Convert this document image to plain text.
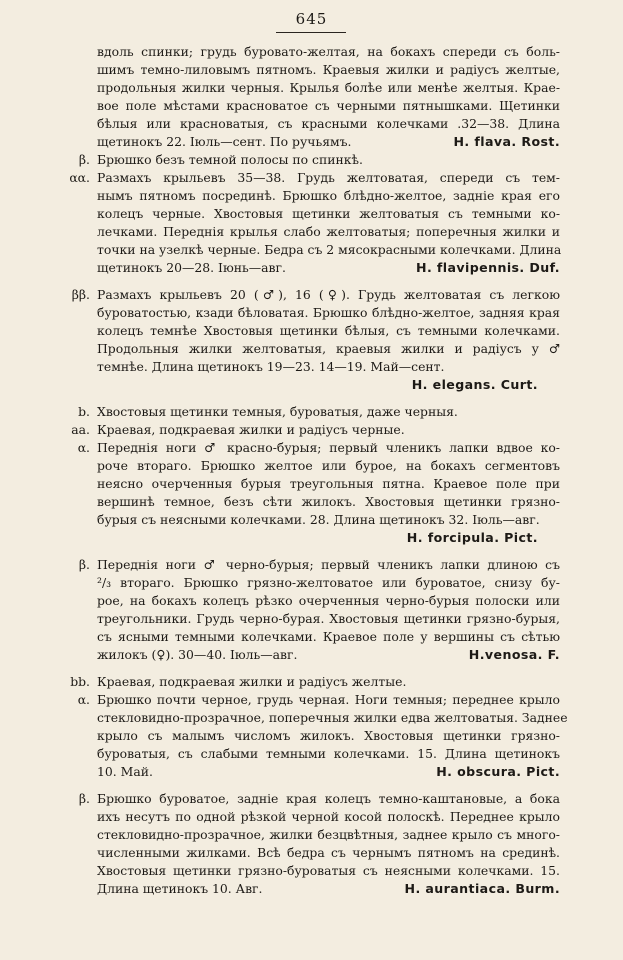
645
вдоль спинки; грудь буровато-желтая, на бокахъ спереди съ боль-
шимъ темно-лиловымъ пятномъ. Краевыя жилки и радіусъ желтые,
продольныя жилки черныя. Крылья болѣе или менѣе желтыя. Крае-
вое поле мѣстами красноватое съ черными пятнышками. Щетинки
бѣлыя или красноватыя, съ красными колечками .32—38. Длина
щетинокъ 22. Іюль—сент. По ручьямъ.	H. flava. Rost.
β. Брюшко безъ темной полосы по спинкѣ.
αα. Размахъ крыльевъ 35—38. Грудь желтоватая, спереди съ тем-
нымъ пятномъ посрединѣ. Брюшко блѣдно-желтое, задніе края его
колецъ черные. Хвостовыя щетинки желтоватыя съ темными ко-
лечками. Переднія крылья слабо желтоватыя; поперечныя жилки и
точки на узелкѣ черные. Бедра съ 2 мясокрасными колечками. Длина
щетинокъ 20—28. Іюнь—авг.	H. flavipennis. Duf.
ββ. Размахъ крыльевъ 20 (♂), 16 (♀). Грудь желтоватая съ легкою
буроватостью, кзади бѣловатая. Брюшко блѣдно-желтое, задняя края
колецъ темнѣе Хвостовыя щетинки бѣлыя, съ темными колечками.
Продольныя жилки желтоватыя, краевыя жилки и радіусъ у ♂
темнѣе. Длина щетинокъ 19—23. 14—19. Май—сент.
H. elegans. Curt.
b. Хвостовыя щетинки темныя, буроватыя, даже черныя.
aa. Краевая, подкраевая жилки и радіусъ черные.
α. Переднія ноги ♂ красно-бурыя; первый членикъ лапки вдвое ко-
роче втораго. Брюшко желтое или бурое, на бокахъ сегментовъ
неясно очерченныя бурыя треугольныя пятна. Краевое поле при
вершинѣ темное, безъ сѣти жилокъ. Хвостовыя щетинки грязно-
бурыя съ неясными колечками. 28. Длина щетинокъ 32. Іюль—авг.
H. forcipula. Pict.
β. Переднія ноги ♂ черно-бурыя; первый членикъ лапки длиною съ
²/₃ втораго. Брюшко грязно-желтоватое или буроватое, снизу бу-
рое, на бокахъ колецъ рѣзко очерченныя черно-бурыя полоски или
треугольники. Грудь черно-бурая. Хвостовыя щетинки грязно-бурыя,
съ ясными темными колечками. Краевое поле у вершины съ сѣтью
жилокъ (♀). 30—40. Іюль—авг.	H.venosa. F.
bb. Краевая, подкраевая жилки и радіусъ желтые.
α. Брюшко почти черное, грудь черная. Ноги темныя; переднее крыло
стекловидно-прозрачное, поперечныя жилки едва желтоватыя. Заднее
крыло съ малымъ числомъ жилокъ. Хвостовыя щетинки грязно-
буроватыя, съ слабыми темными колечками. 15. Длина щетинокъ
10. Май.	H. obscura. Pict.
β. Брюшко буроватое, задніе края колецъ темно-каштановые, а бока
ихъ несутъ по одной рѣзкой черной косой полоскѣ. Переднее крыло
стекловидно-прозрачное, жилки безцвѣтныя, заднее крыло съ много-
численными жилками. Всѣ бедра съ чернымъ пятномъ на срединѣ.
Хвостовыя щетинки грязно-буроватыя съ неясными колечками. 15.
Длина щетинокъ 10. Авг.	H. aurantiaca. Burm.
